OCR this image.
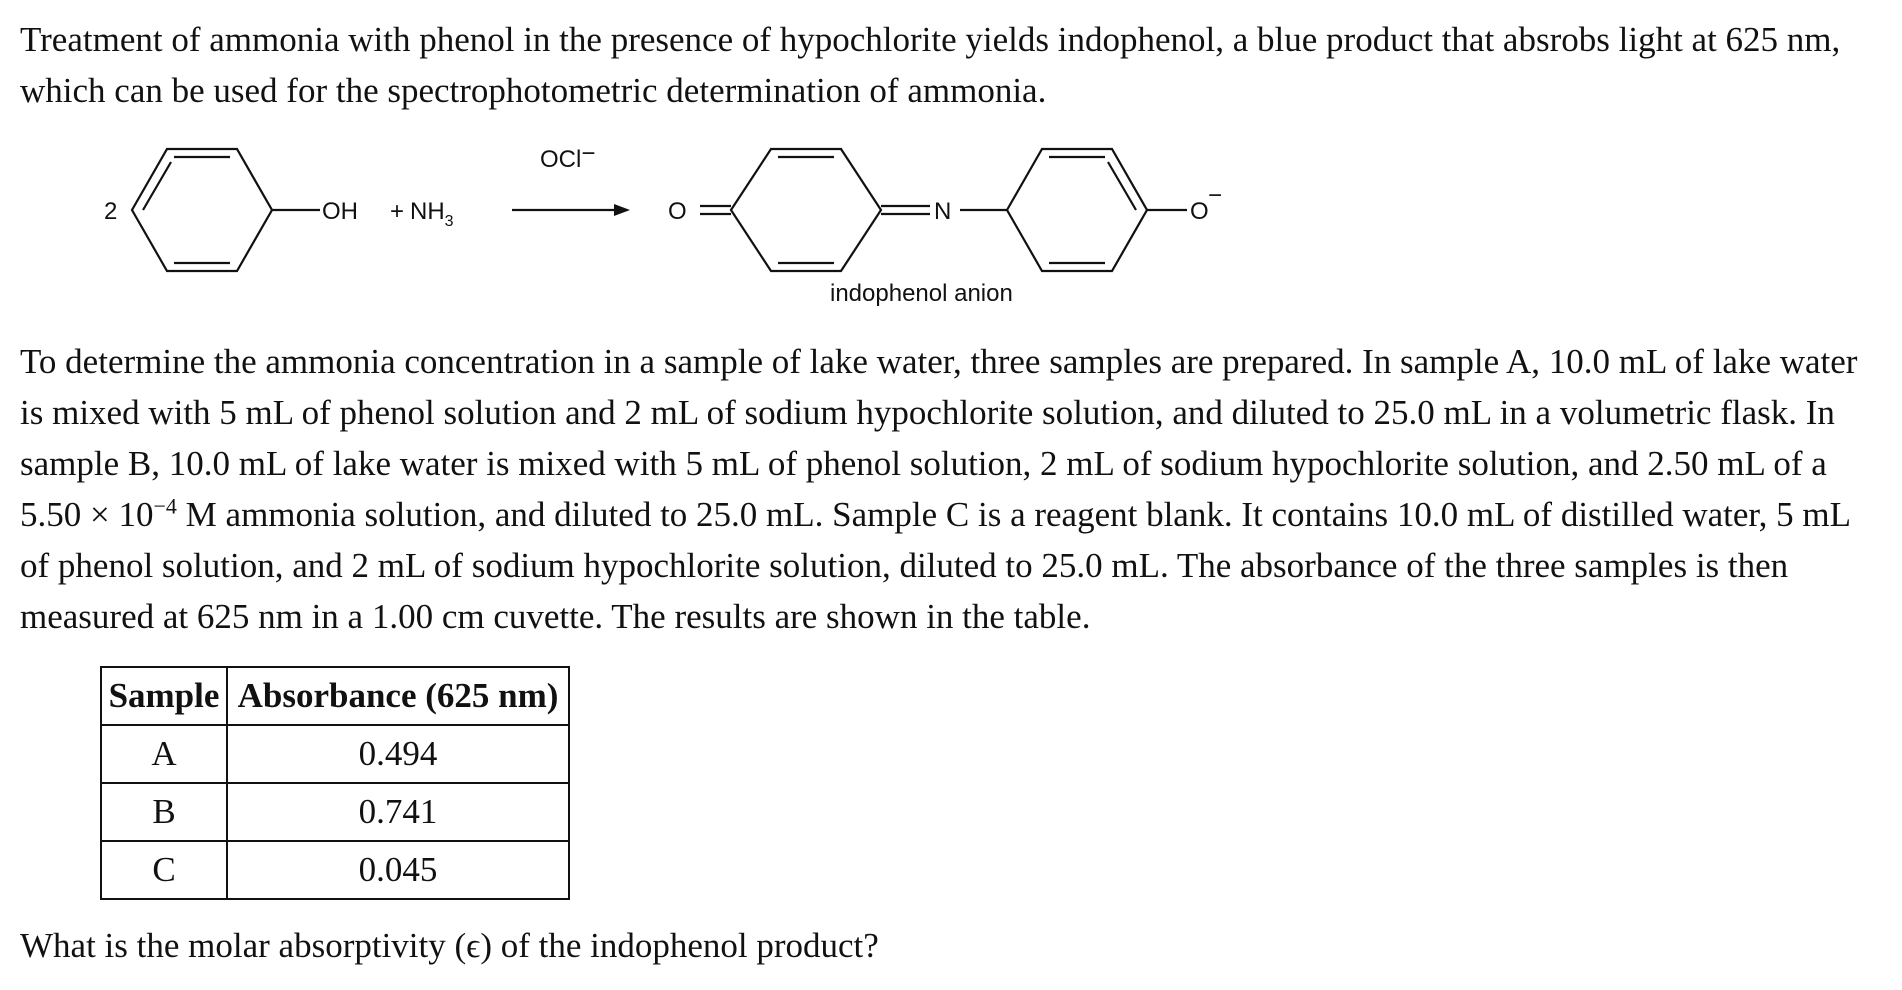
Treatment of ammonia with phenol in the presence of hypochlorite yields indophenol, a blue product that absrobs light at 625 nm, which can be used for the spectrophotometric determination of ammonia.

2	OH + $NH_3$
OCl−
O	N	O
−
indophenol anion

To determine the ammonia concentration in a sample of lake water, three samples are prepared. In sample A, 10.0 mL of lake water is mixed with 5 mL of phenol solution and 2 mL of sodium hypochlorite solution, and diluted to 25.0 mL in a volumetric flask. In sample B, 10.0 mL of lake water is mixed with 5 mL of phenol solution, 2 mL of sodium hypochlorite solution, and 2.50 mL of a $5.50 \times 10^{-4}$ M ammonia solution, and diluted to 25.0 mL. Sample C is a reagent blank. It contains 10.0 mL of distilled water, 5 mL of phenol solution, and 2 mL of sodium hypochlorite solution, diluted to 25.0 mL. The absorbance of the three samples is then measured at 625 nm in a 1.00 cm cuvette. The results are shown in the table.

Sample	Absorbance (625 nm)
A	0.494
B	0.741
C	0.045

What is the molar absorptivity (ϵ) of the indophenol product?
